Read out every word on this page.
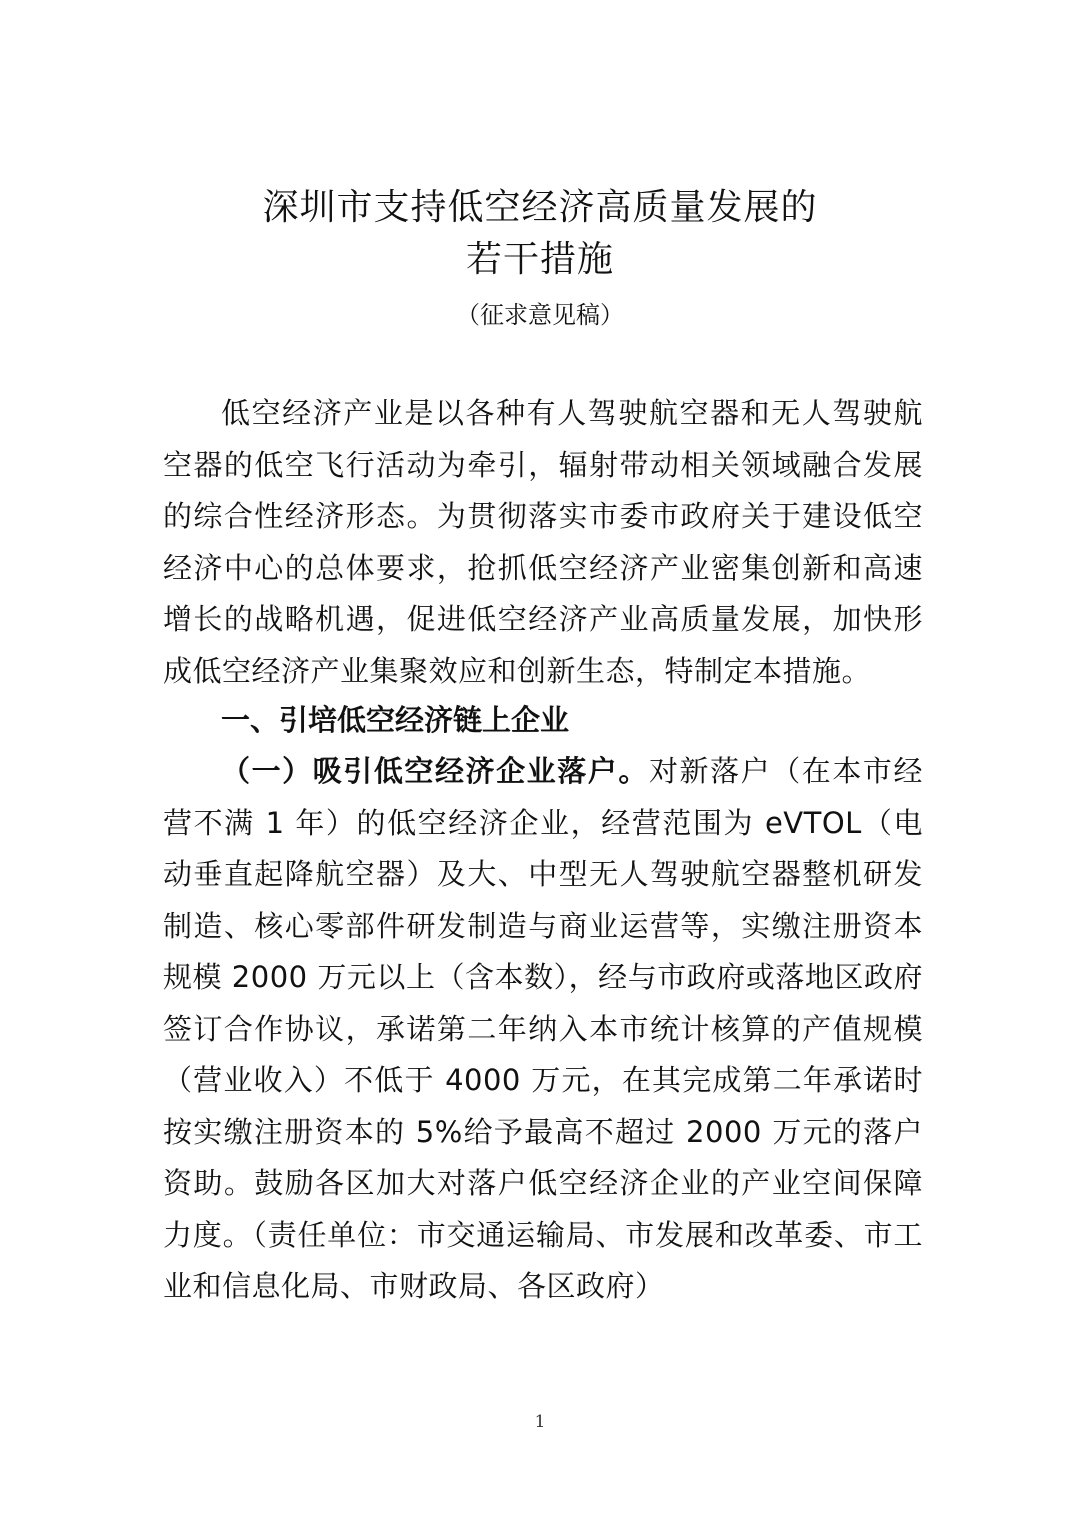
深圳市支持低空经济高质量发展的
若干措施

（征求意见稿）

低空经济产业是以各种有人驾驶航空器和无人驾驶航空器的低空飞行活动为牵引，辐射带动相关领域融合发展的综合性经济形态。为贯彻落实市委市政府关于建设低空经济中心的总体要求，抢抓低空经济产业密集创新和高速增长的战略机遇，促进低空经济产业高质量发展，加快形成低空经济产业集聚效应和创新生态，特制定本措施。

一、引培低空经济链上企业

（一）吸引低空经济企业落户。对新落户（在本市经营不满 1 年）的低空经济企业，经营范围为 eVTOL（电动垂直起降航空器）及大、中型无人驾驶航空器整机研发制造、核心零部件研发制造与商业运营等，实缴注册资本规模 2000 万元以上（含本数），经与市政府或落地区政府签订合作协议，承诺第二年纳入本市统计核算的产值规模（营业收入）不低于 4000 万元，在其完成第二年承诺时按实缴注册资本的 5%给予最高不超过 2000 万元的落户资助。鼓励各区加大对落户低空经济企业的产业空间保障力度。（责任单位：市交通运输局、市发展和改革委、市工业和信息化局、市财政局、各区政府）

1
